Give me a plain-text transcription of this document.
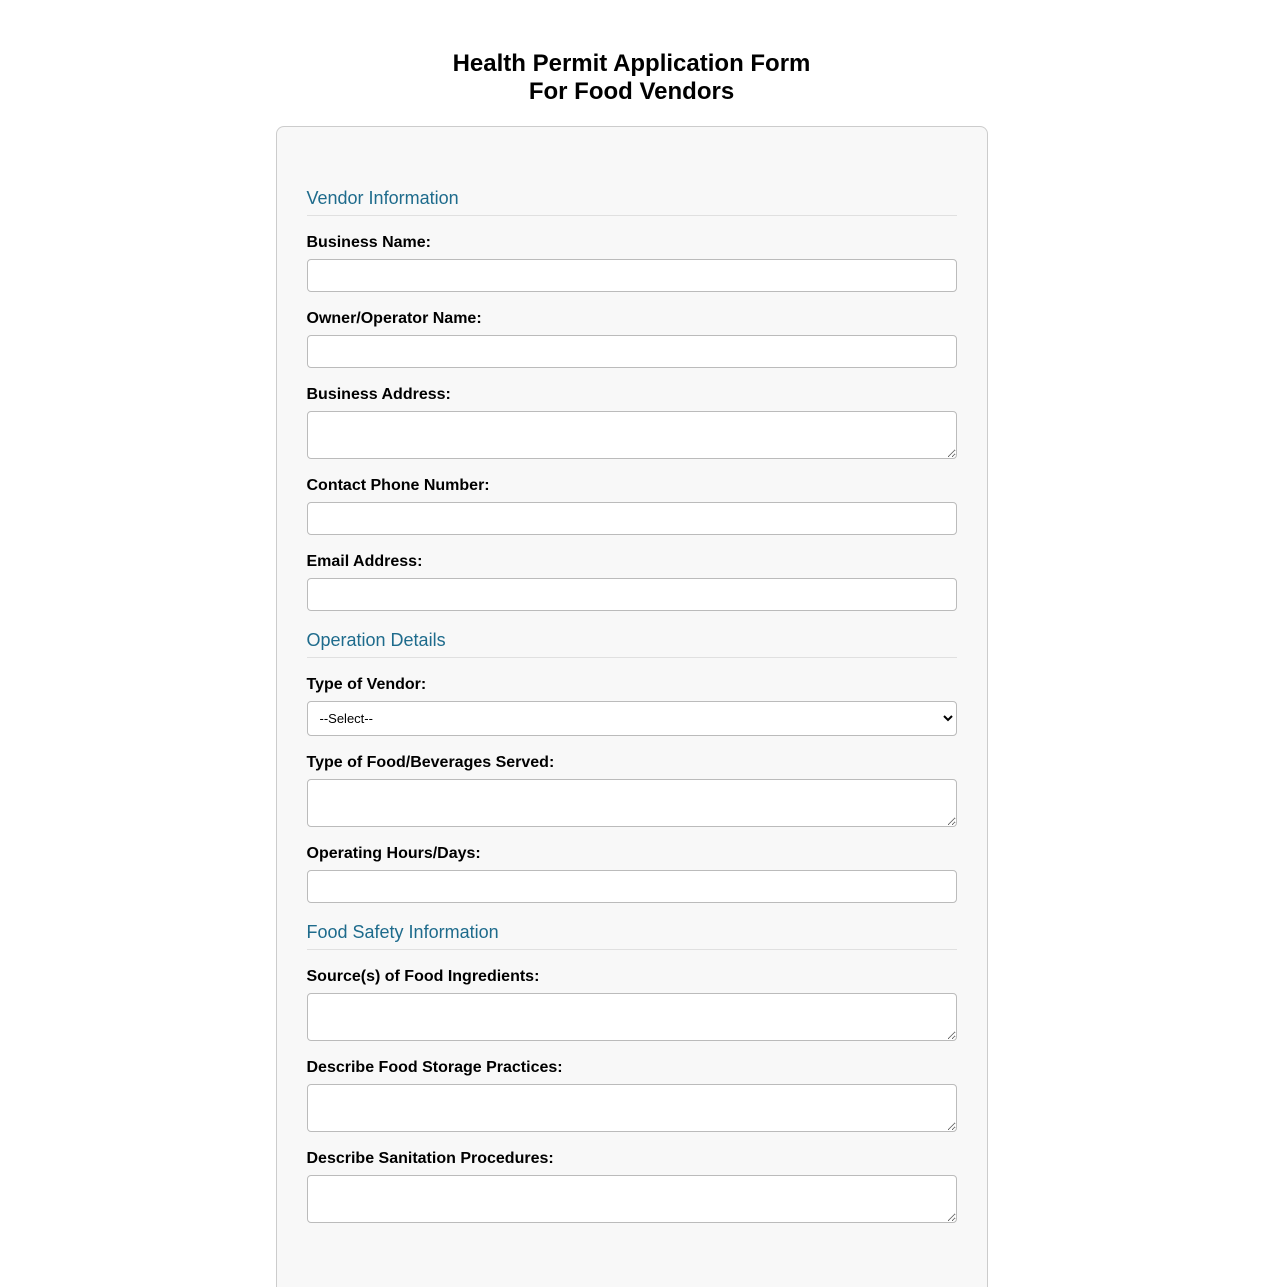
Health Permit Application Form
For Food Vendors
Vendor Information
Business Name:
Owner/Operator Name:
Business Address:
Contact Phone Number:
Email Address:
Operation Details
Type of Vendor:
--Select--
Type of Food/Beverages Served:
Operating Hours/Days:
Food Safety Information
Source(s) of Food Ingredients:
Describe Food Storage Practices:
Describe Sanitation Procedures:
